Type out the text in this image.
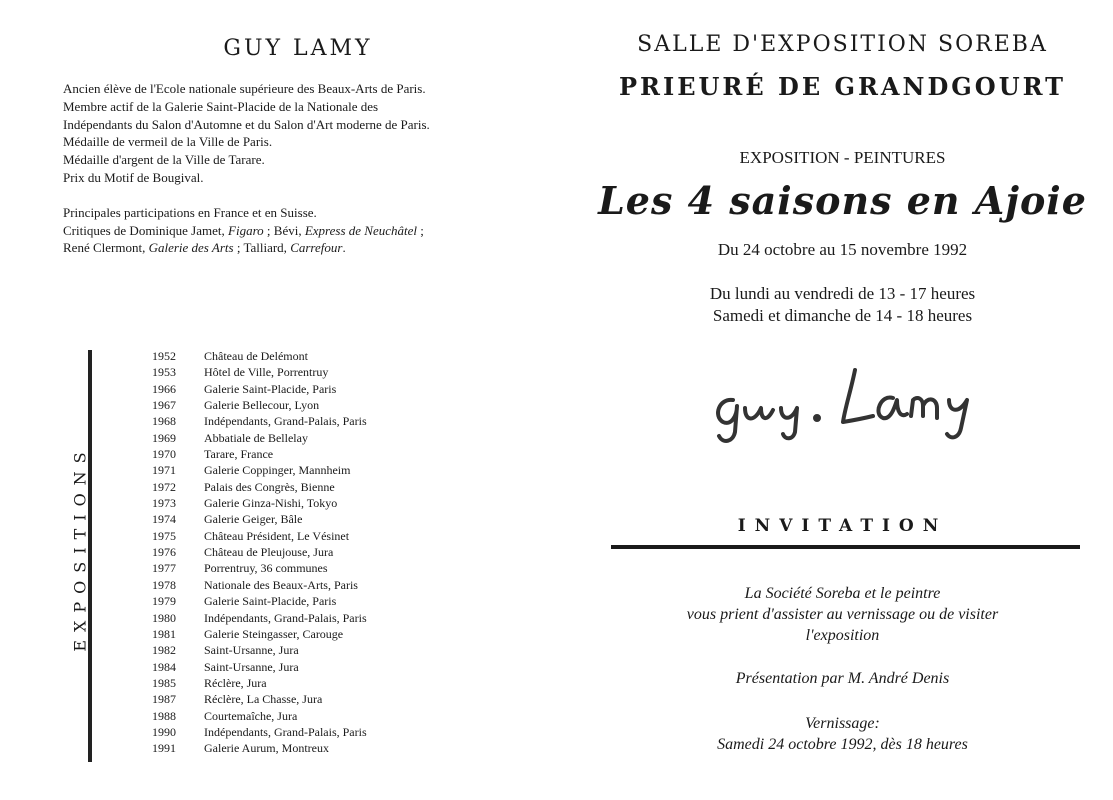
GUY LAMY
Ancien élève de l'Ecole nationale supérieure des Beaux-Arts de Paris.
Membre actif de la Galerie Saint-Placide de la Nationale des
Indépendants du Salon d'Automne et du Salon d'Art moderne de Paris.
Médaille de vermeil de la Ville de Paris.
Médaille d'argent de la Ville de Tarare.
Prix du Motif de Bougival.
Principales participations en France et en Suisse.
Critiques de Dominique Jamet, Figaro ; Bévi, Express de Neuchâtel ;
René Clermont, Galerie des Arts ; Talliard, Carrefour.
EXPOSITIONS
1952	Château de Delémont
1953	Hôtel de Ville, Porrentruy
1966	Galerie Saint-Placide, Paris
1967	Galerie Bellecour, Lyon
1968	Indépendants, Grand-Palais, Paris
1969	Abbatiale de Bellelay
1970	Tarare, France
1971	Galerie Coppinger, Mannheim
1972	Palais des Congrès, Bienne
1973	Galerie Ginza-Nishi, Tokyo
1974	Galerie Geiger, Bâle
1975	Château Président, Le Vésinet
1976	Château de Pleujouse, Jura
1977	Porrentruy, 36 communes
1978	Nationale des Beaux-Arts, Paris
1979	Galerie Saint-Placide, Paris
1980	Indépendants, Grand-Palais, Paris
1981	Galerie Steingasser, Carouge
1982	Saint-Ursanne, Jura
1984	Saint-Ursanne, Jura
1985	Réclère, Jura
1987	Réclère, La Chasse, Jura
1988	Courtemaîche, Jura
1990	Indépendants, Grand-Palais, Paris
1991	Galerie Aurum, Montreux
SALLE D'EXPOSITION SOREBA
PRIEURÉ DE GRANDGOURT
EXPOSITION - PEINTURES
Les 4 saisons en Ajoie
Du 24 octobre au 15 novembre 1992
Du lundi au vendredi de 13 - 17 heures
Samedi et dimanche de 14 - 18 heures
INVITATION
La Société Soreba et le peintre
vous prient d'assister au vernissage ou de visiter
l'exposition
Présentation par M. André Denis
Vernissage:
Samedi 24 octobre 1992, dès 18 heures
